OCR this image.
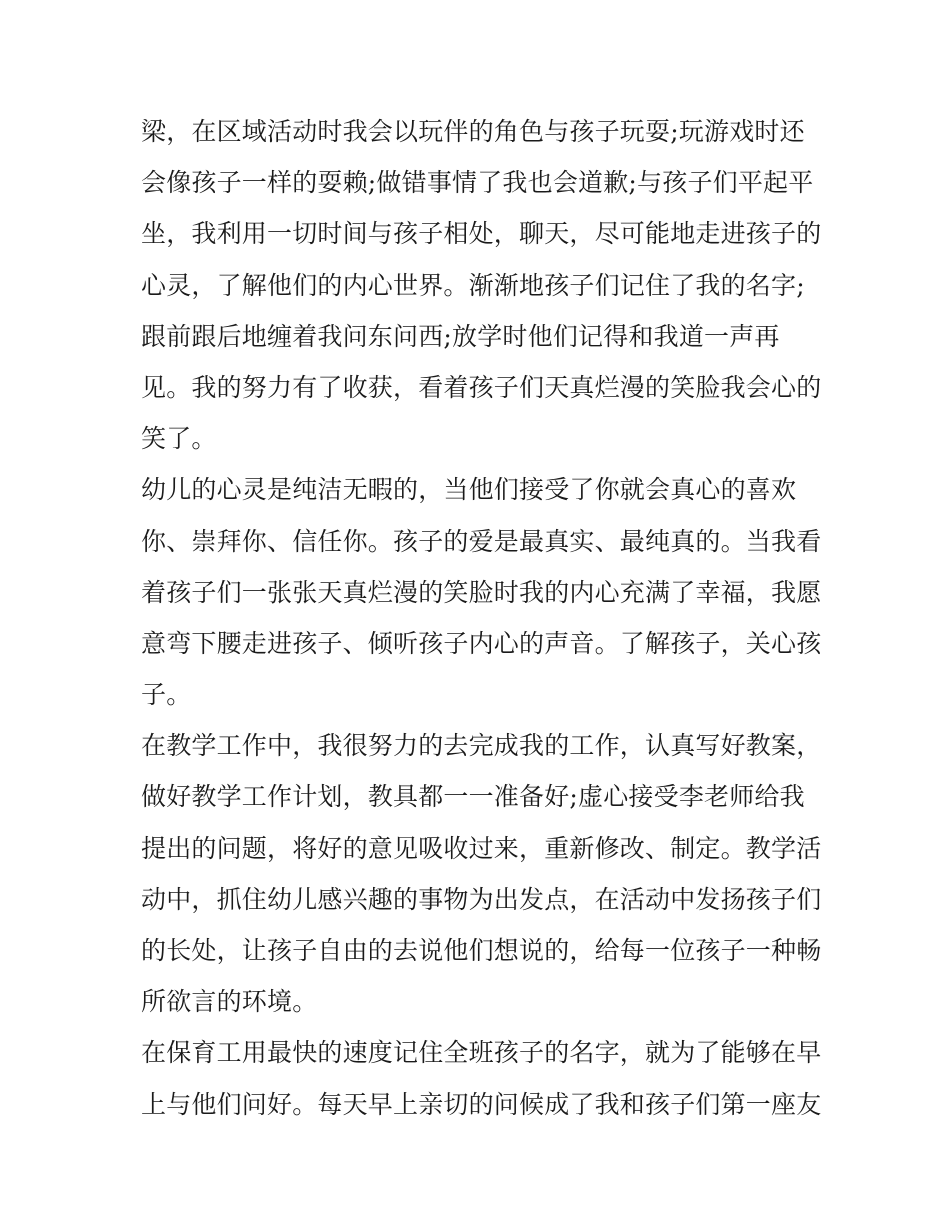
梁，在区域活动时我会以玩伴的角色与孩子玩耍;玩游戏时还
会像孩子一样的耍赖;做错事情了我也会道歉;与孩子们平起平
坐，我利用一切时间与孩子相处，聊天，尽可能地走进孩子的
心灵，了解他们的内心世界。渐渐地孩子们记住了我的名字;
跟前跟后地缠着我问东问西;放学时他们记得和我道一声再
见。我的努力有了收获，看着孩子们天真烂漫的笑脸我会心的
笑了。
幼儿的心灵是纯洁无暇的，当他们接受了你就会真心的喜欢
你、崇拜你、信任你。孩子的爱是最真实、最纯真的。当我看
着孩子们一张张天真烂漫的笑脸时我的内心充满了幸福，我愿
意弯下腰走进孩子、倾听孩子内心的声音。了解孩子，关心孩
子。
在教学工作中，我很努力的去完成我的工作，认真写好教案，
做好教学工作计划，教具都一一准备好;虚心接受李老师给我
提出的问题，将好的意见吸收过来，重新修改、制定。教学活
动中，抓住幼儿感兴趣的事物为出发点，在活动中发扬孩子们
的长处，让孩子自由的去说他们想说的，给每一位孩子一种畅
所欲言的环境。
在保育工用最快的速度记住全班孩子的名字，就为了能够在早
上与他们问好。每天早上亲切的问候成了我和孩子们第一座友
